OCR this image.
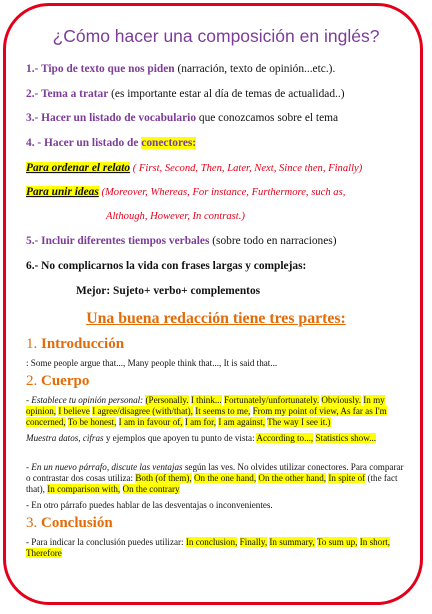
¿Cómo hacer una composición en inglés?
1.- Tipo de texto que nos piden (narración, texto de opinión...etc.).
2.- Tema a tratar (es importante estar al día de temas de actualidad..)
3.- Hacer un listado de vocabulario que conozcamos sobre el tema
4. - Hacer un listado de conectores:
Para ordenar el relato ( First, Second, Then, Later, Next, Since then, Finally)
Para unir ideas (Moreover, Whereas, For instance, Furthermore, such as,
Although, However, In contrast.)
5.- Incluir diferentes tiempos verbales (sobre todo en narraciones)
6.- No complicarnos la vida con frases largas y complejas:
Mejor: Sujeto+ verbo+ complementos
Una buena redacción tiene tres partes:
1. Introducción
: Some people argue that..., Many people think that..., It is said that...
2. Cuerpo
- Establece tu opinión personal: (Personally. I think... Fortunately/unfortunately. Obviously. In my opinion, I believe I agree/disagree (with/that), It seems to me, From my point of view, As far as I'm concerned, To be honest, I am in favour of, I am for, I am against, The way I see it.)
Muestra datos, cifras y ejemplos que apoyen tu punto de vista: According to..., Statistics show...
- En un nuevo párrafo, discute las ventajas según las ves. No olvides utilizar conectores. Para comparar o contrastar dos cosas utiliza: Both (of them), On the one hand, On the other hand, In spite of (the fact that), In comparison with, On the contrary
- En otro párrafo puedes hablar de las desventajas o inconvenientes.
3. Conclusión
- Para indicar la conclusión puedes utilizar: In conclusion, Finally, In summary, To sum up, In short, Therefore
